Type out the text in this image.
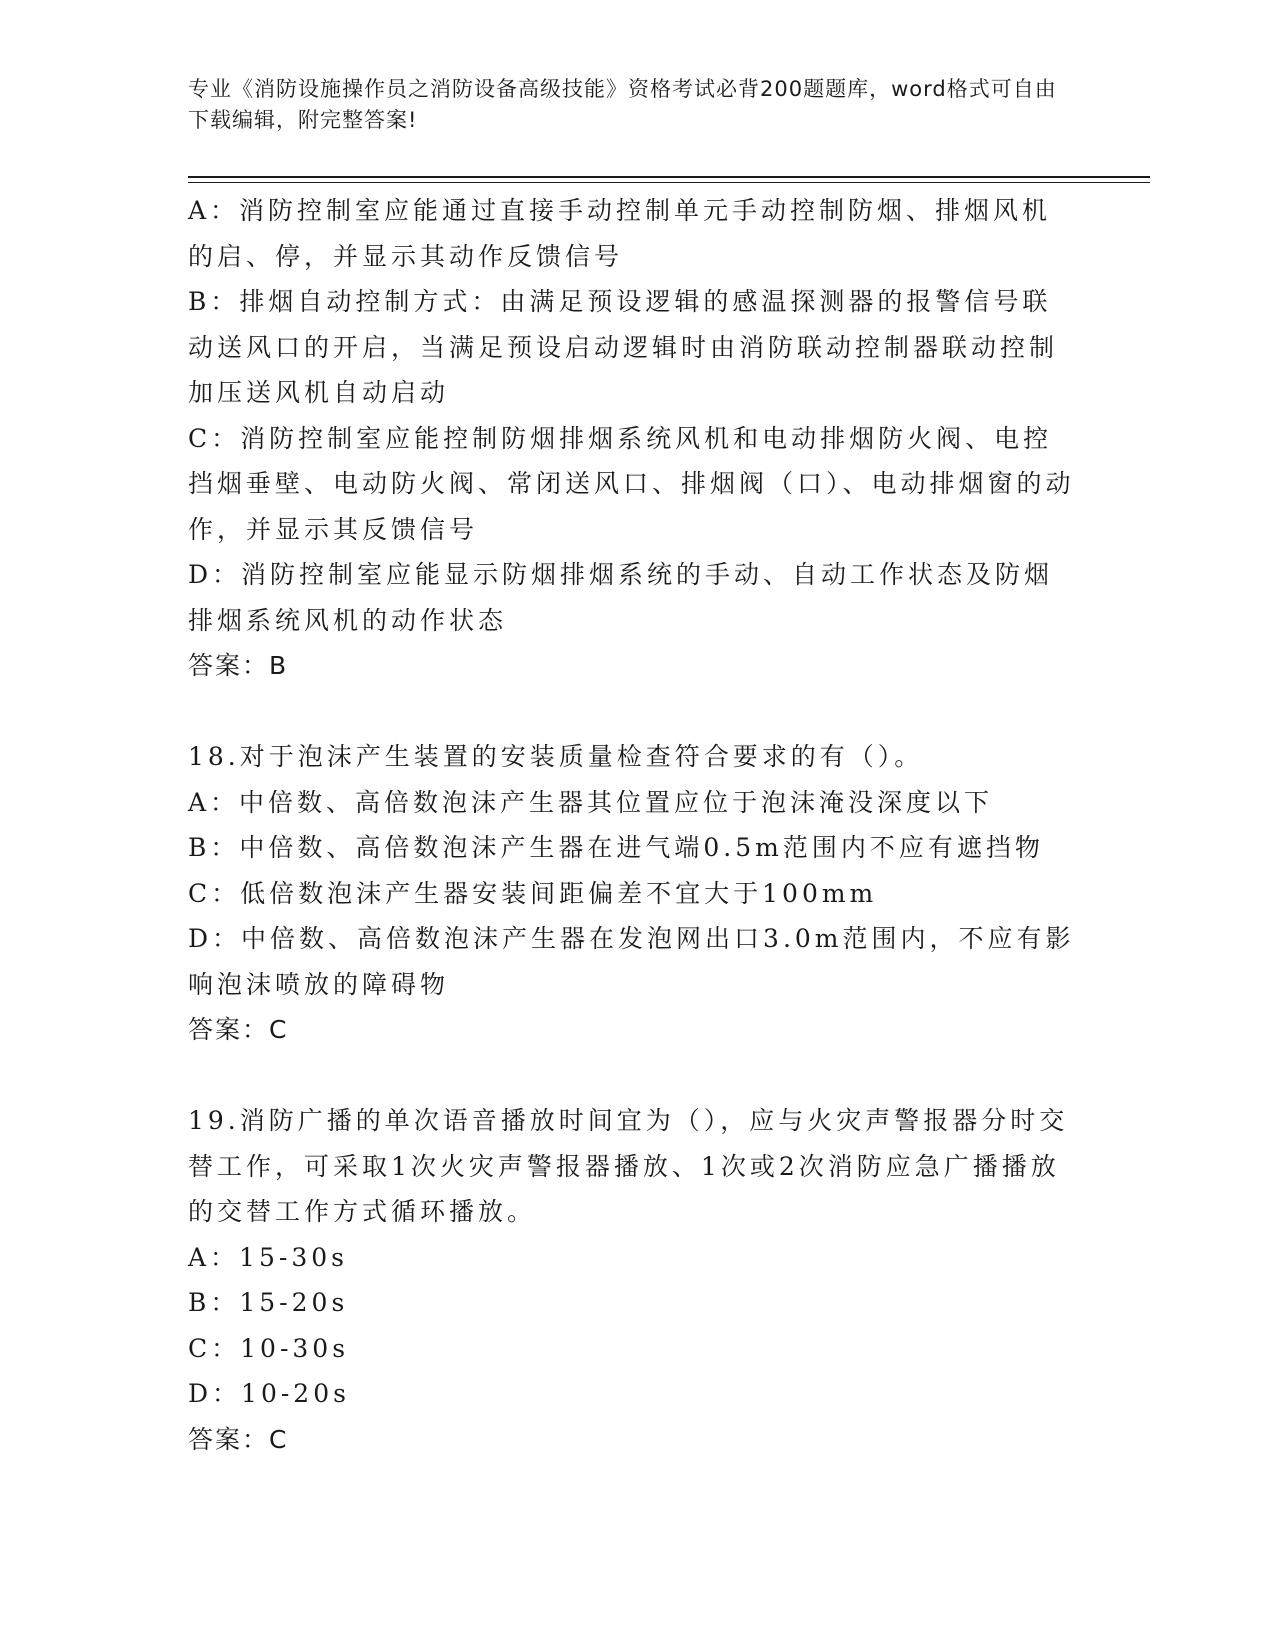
专业《消防设施操作员之消防设备高级技能》资格考试必背200题题库，word格式可自由下载编辑，附完整答案!

A：消防控制室应能通过直接手动控制单元手动控制防烟、排烟风机的启、停，并显示其动作反馈信号

B：排烟自动控制方式：由满足预设逻辑的感温探测器的报警信号联动送风口的开启，当满足预设启动逻辑时由消防联动控制器联动控制加压送风机自动启动

C：消防控制室应能控制防烟排烟系统风机和电动排烟防火阀、电控挡烟垂壁、电动防火阀、常闭送风口、排烟阀（口）、电动排烟窗的动作，并显示其反馈信号

D：消防控制室应能显示防烟排烟系统的手动、自动工作状态及防烟排烟系统风机的动作状态

答案：B

18.对于泡沫产生装置的安装质量检查符合要求的有（）。

A：中倍数、高倍数泡沫产生器其位置应位于泡沫淹没深度以下

B：中倍数、高倍数泡沫产生器在进气端0.5m范围内不应有遮挡物

C：低倍数泡沫产生器安装间距偏差不宜大于100mm

D：中倍数、高倍数泡沫产生器在发泡网出口3.0m范围内，不应有影响泡沫喷放的障碍物

答案：C

19.消防广播的单次语音播放时间宜为（），应与火灾声警报器分时交替工作，可采取1次火灾声警报器播放、1次或2次消防应急广播播放的交替工作方式循环播放。

A：15-30s

B：15-20s

C：10-30s

D：10-20s

答案：C
